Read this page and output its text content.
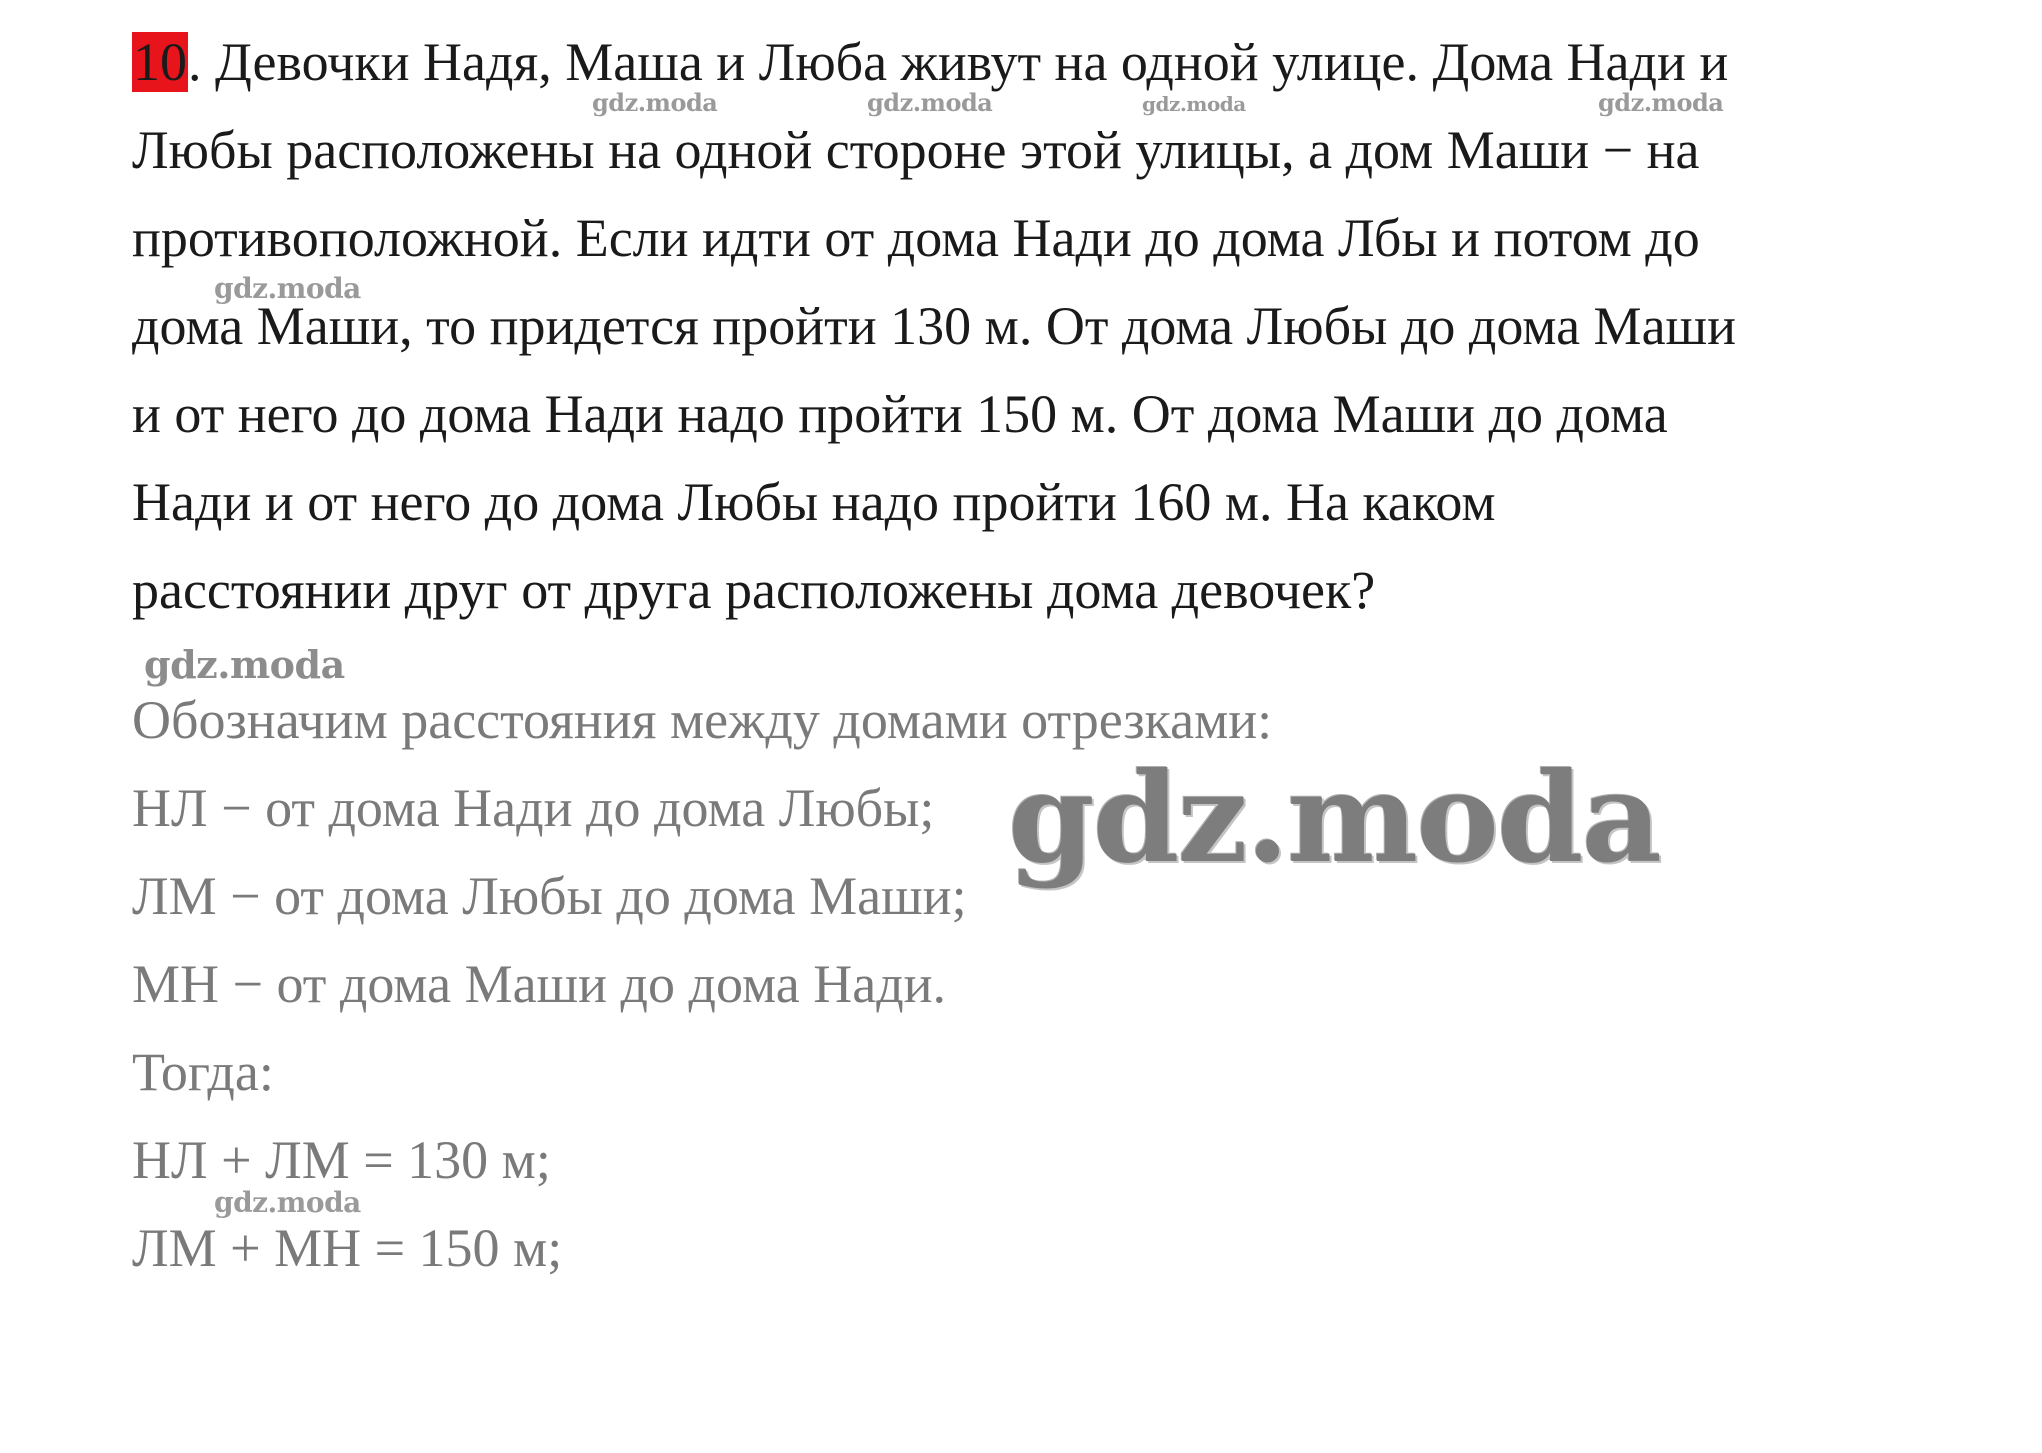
10. Девочки Надя, Маша и Люба живут на одной улице. Дома Нади и
Любы расположены на одной стороне этой улицы, а дом Маши − на
противоположной. Если идти от дома Нади до дома Лбы и потом до
дома Маши, то придется пройти 130 м. От дома Любы до дома Маши
и от него до дома Нади надо пройти 150 м. От дома Маши до дома
Нади и от него до дома Любы надо пройти 160 м. На каком
расстоянии друг от друга расположены дома девочек?
Обозначим расстояния между домами отрезками:
НЛ − от дома Нади до дома Любы;
ЛМ − от дома Любы до дома Маши;
МН − от дома Маши до дома Нади.
Тогда:
НЛ + ЛМ = 130 м;
ЛМ + МН = 150 м;
gdz.moda	gdz.moda	gdz.moda	gdz.moda
gdz.moda
gdz.moda
gdz.moda
gdz.moda
